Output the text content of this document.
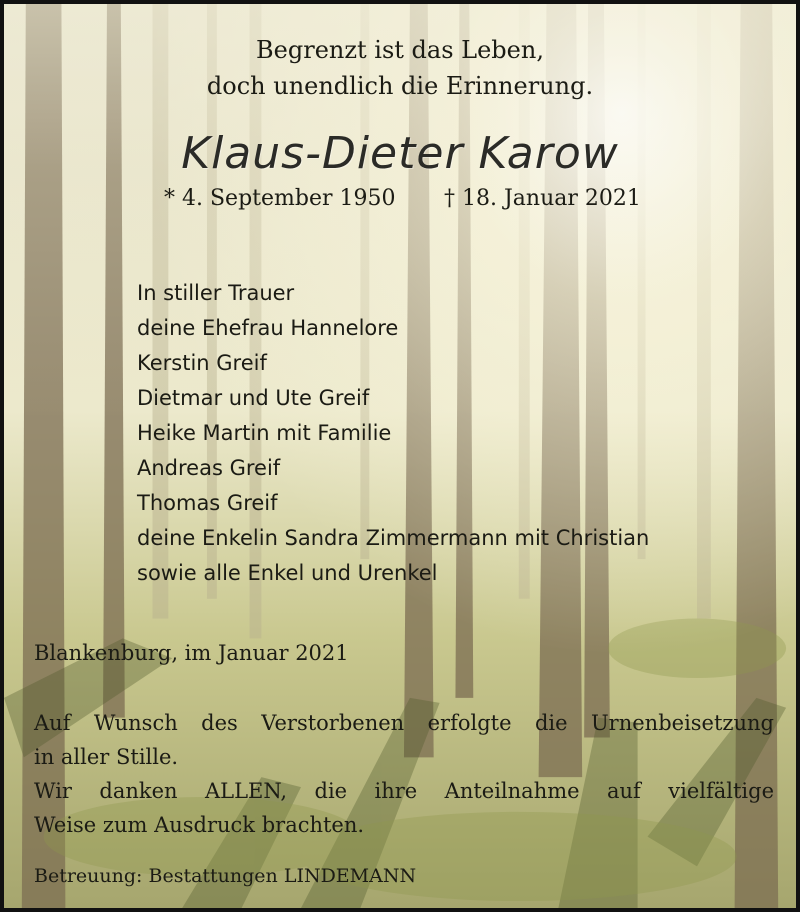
Begrenzt ist das Leben,
doch unendlich die Erinnerung.
Klaus-Dieter Karow
* 4. September 1950 † 18. Januar 2021
In stiller Trauer
deine Ehefrau Hannelore
Kerstin Greif
Dietmar und Ute Greif
Heike Martin mit Familie
Andreas Greif
Thomas Greif
deine Enkelin Sandra Zimmermann mit Christian
sowie alle Enkel und Urenkel
Blankenburg, im Januar 2021
Auf Wunsch des Verstorbenen erfolgte die Urnenbeisetzung
in aller Stille.
Wir danken ALLEN, die ihre Anteilnahme auf vielfältige
Weise zum Ausdruck brachten.
Betreuung: Bestattungen LINDEMANN
